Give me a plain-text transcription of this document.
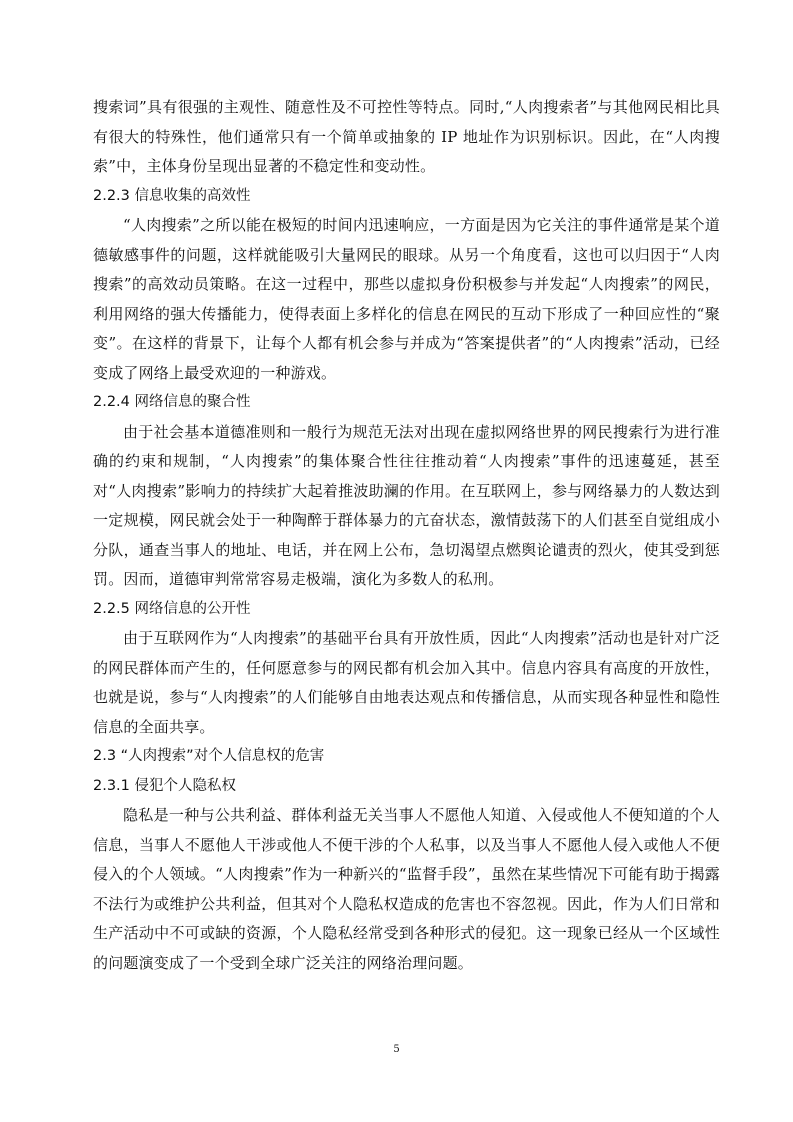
搜索词”具有很强的主观性、随意性及不可控性等特点。同时,“人肉搜索者”与其他网民相比具有很大的特殊性，他们通常只有一个简单或抽象的 IP 地址作为识别标识。因此，在“人肉搜索”中，主体身份呈现出显著的不稳定性和变动性。

2.2.3 信息收集的高效性

“人肉搜索”之所以能在极短的时间内迅速响应，一方面是因为它关注的事件通常是某个道德敏感事件的问题，这样就能吸引大量网民的眼球。从另一个角度看，这也可以归因于“人肉搜索”的高效动员策略。在这一过程中，那些以虚拟身份积极参与并发起“人肉搜索”的网民，利用网络的强大传播能力，使得表面上多样化的信息在网民的互动下形成了一种回应性的“聚变”。在这样的背景下，让每个人都有机会参与并成为“答案提供者”的“人肉搜索”活动，已经变成了网络上最受欢迎的一种游戏。

2.2.4 网络信息的聚合性

由于社会基本道德准则和一般行为规范无法对出现在虚拟网络世界的网民搜索行为进行准确的约束和规制，“人肉搜索”的集体聚合性往往推动着“人肉搜索”事件的迅速蔓延，甚至对“人肉搜索”影响力的持续扩大起着推波助澜的作用。在互联网上，参与网络暴力的人数达到一定规模，网民就会处于一种陶醉于群体暴力的亢奋状态，激情鼓荡下的人们甚至自觉组成小分队，通查当事人的地址、电话，并在网上公布，急切渴望点燃舆论谴责的烈火，使其受到惩罚。因而，道德审判常常容易走极端，演化为多数人的私刑。

2.2.5 网络信息的公开性

由于互联网作为“人肉搜索”的基础平台具有开放性质，因此“人肉搜索”活动也是针对广泛的网民群体而产生的，任何愿意参与的网民都有机会加入其中。信息内容具有高度的开放性，也就是说，参与“人肉搜索”的人们能够自由地表达观点和传播信息，从而实现各种显性和隐性信息的全面共享。

2.3 “人肉搜索”对个人信息权的危害
2.3.1 侵犯个人隐私权

隐私是一种与公共利益、群体利益无关当事人不愿他人知道、入侵或他人不便知道的个人信息，当事人不愿他人干涉或他人不便干涉的个人私事，以及当事人不愿他人侵入或他人不便侵入的个人领域。“人肉搜索”作为一种新兴的“监督手段”，虽然在某些情况下可能有助于揭露不法行为或维护公共利益，但其对个人隐私权造成的危害也不容忽视。因此，作为人们日常和生产活动中不可或缺的资源，个人隐私经常受到各种形式的侵犯。这一现象已经从一个区域性的问题演变成了一个受到全球广泛关注的网络治理问题。

5
